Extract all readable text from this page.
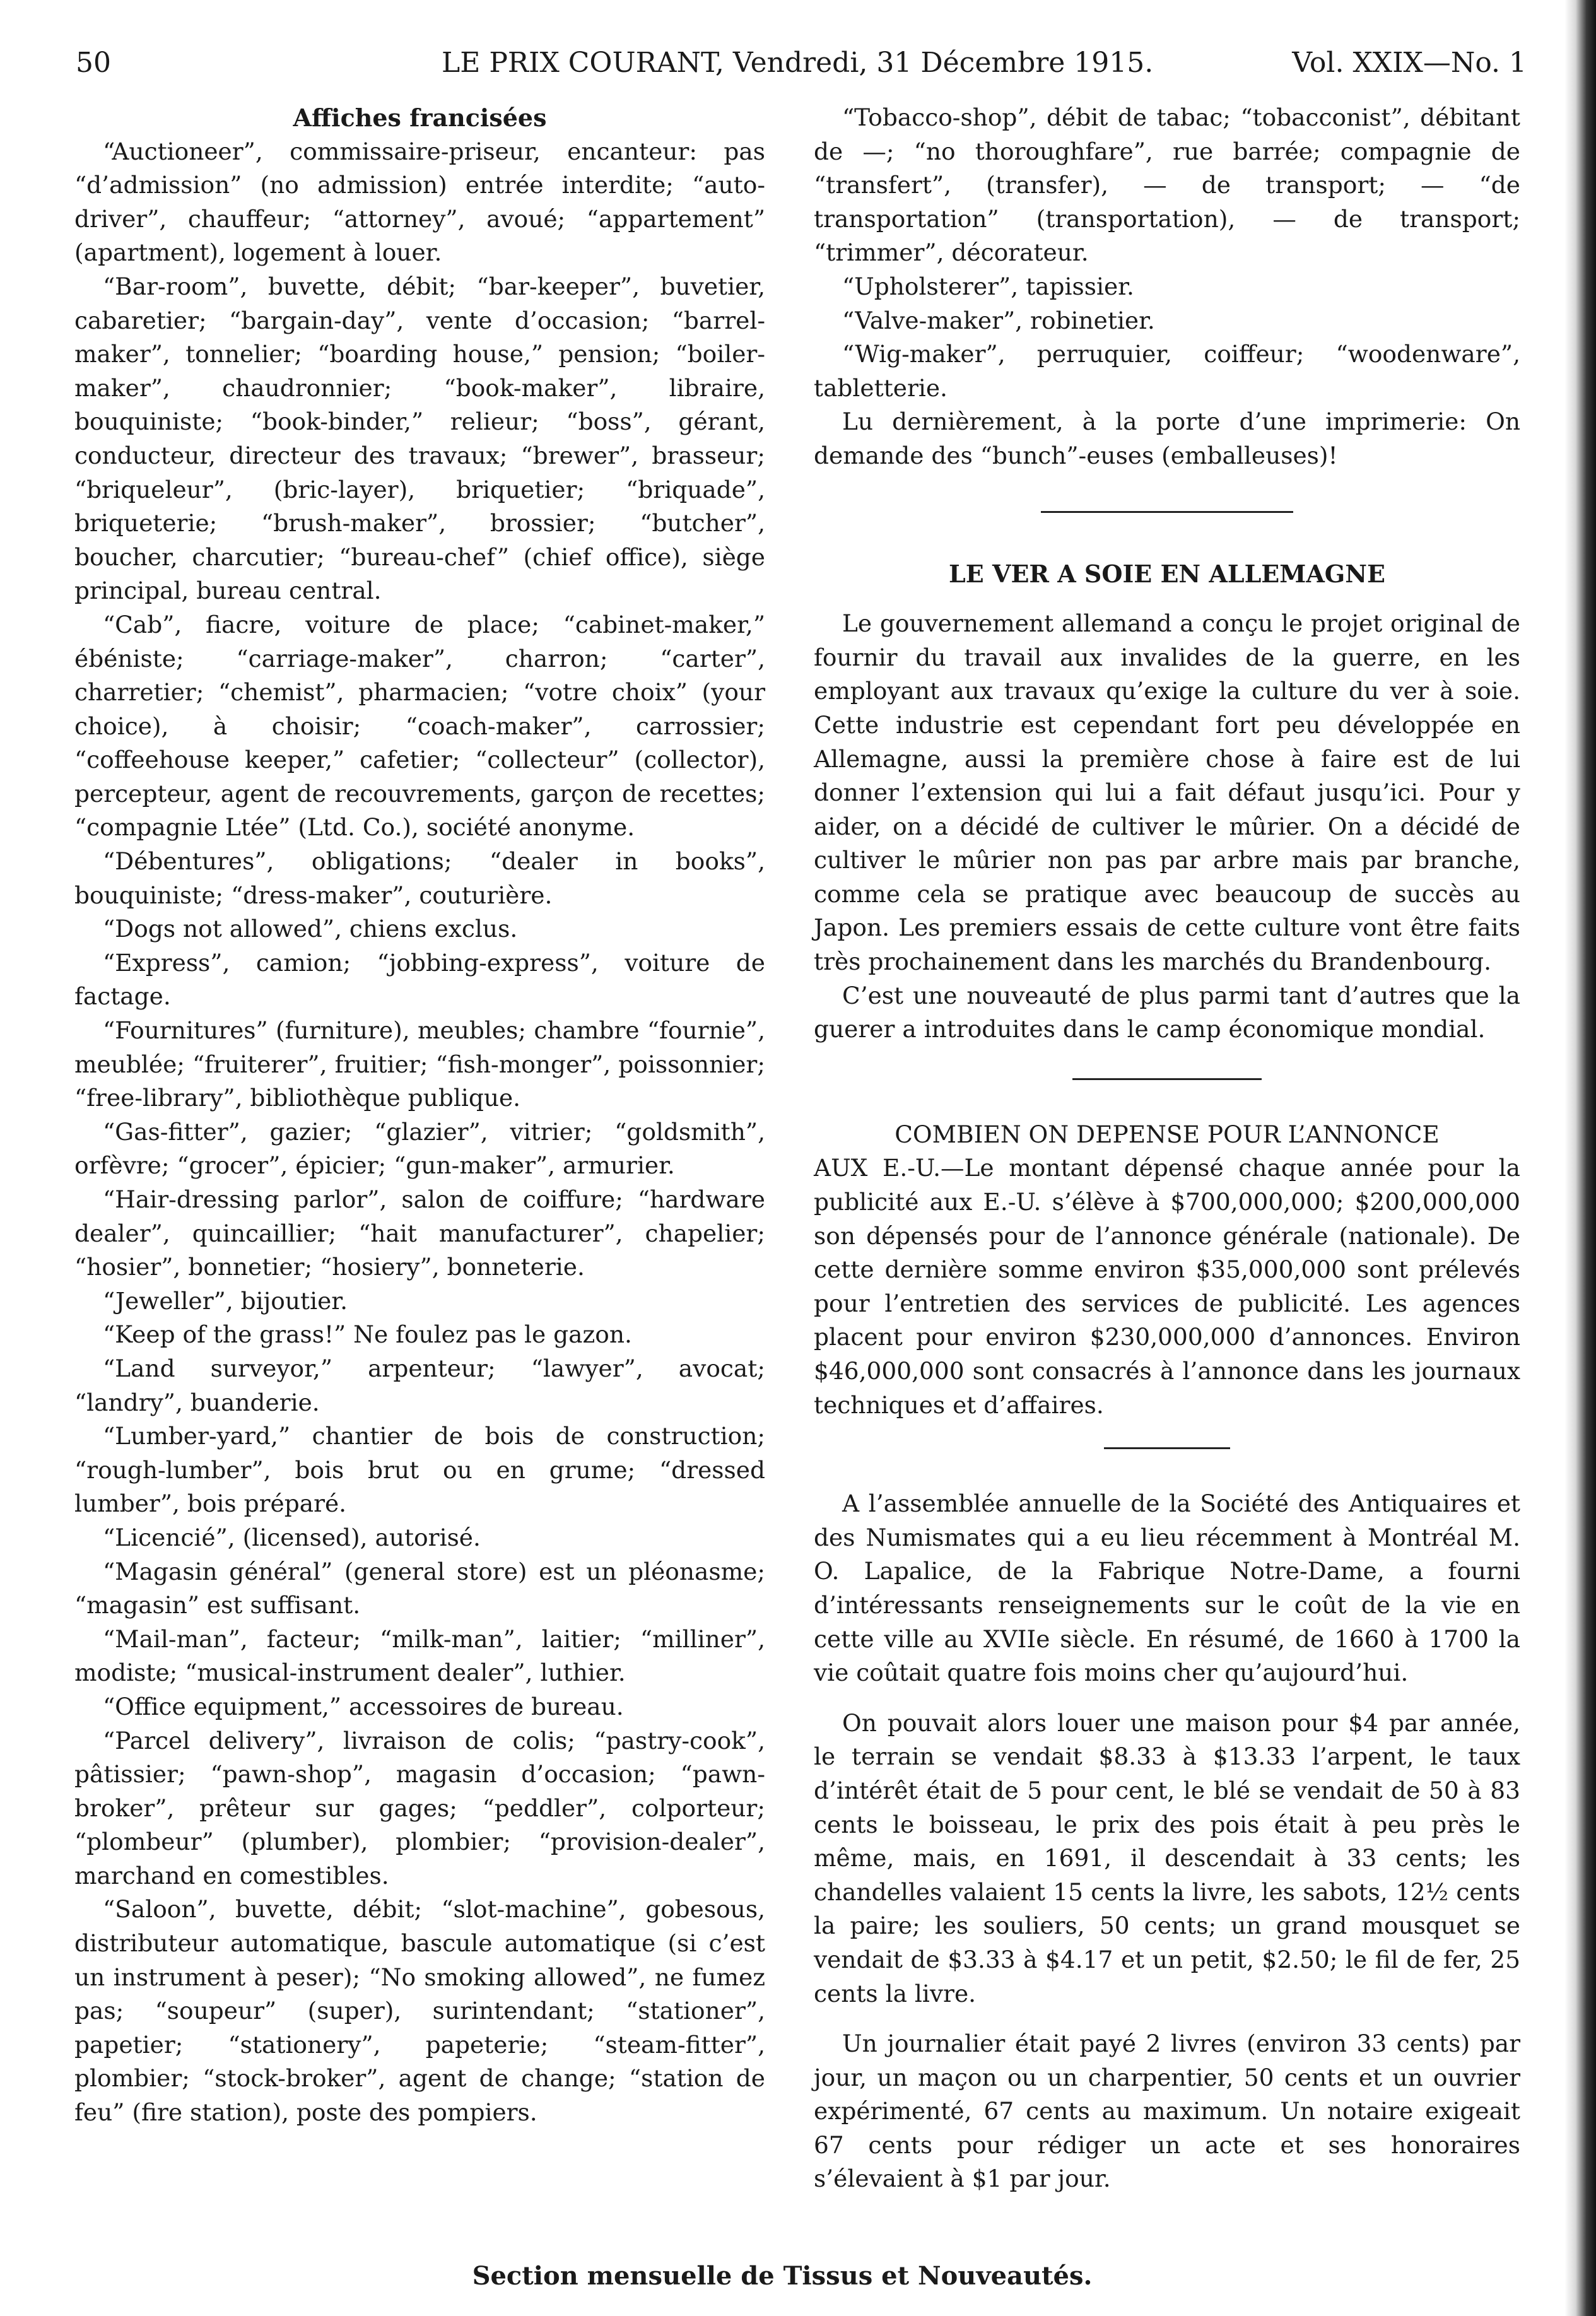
50	LE PRIX COURANT, Vendredi, 31 Décembre 1915.	Vol. XXIX—No. 1

Affiches francisées

“Auctioneer”, commissaire-priseur, encanteur: pas “d’admission” (no admission) entrée interdite; “auto-driver”, chauffeur; “attorney”, avoué; “appartement” (apartment), logement à louer.

“Bar-room”, buvette, débit; “bar-keeper”, buvetier, cabaretier; “bargain-day”, vente d’occasion; “barrel-maker”, tonnelier; “boarding house,” pension; “boiler-maker”, chaudronnier; “book-maker”, libraire, bouquiniste; “book-binder,” relieur; “boss”, gérant, conducteur, directeur des travaux; “brewer”, brasseur; “briqueleur”, (bric-layer), briquetier; “briquade”, briqueterie; “brush-maker”, brossier; “butcher”, boucher, charcutier; “bureau-chef” (chief office), siège principal, bureau central.

“Cab”, fiacre, voiture de place; “cabinet-maker,” ébéniste; “carriage-maker”, charron; “carter”, charretier; “chemist”, pharmacien; “votre choix” (your choice), à choisir; “coach-maker”, carrossier; “coffeehouse keeper,” cafetier; “collecteur” (collector), percepteur, agent de recouvrements, garçon de recettes; “compagnie Ltée” (Ltd. Co.), société anonyme.

“Débentures”, obligations; “dealer in books”, bouquiniste; “dress-maker”, couturière.

“Dogs not allowed”, chiens exclus.

“Express”, camion; “jobbing-express”, voiture de factage.

“Fournitures” (furniture), meubles; chambre “fournie”, meublée; “fruiterer”, fruitier; “fish-monger”, poissonnier; “free-library”, bibliothèque publique.

“Gas-fitter”, gazier; “glazier”, vitrier; “goldsmith”, orfèvre; “grocer”, épicier; “gun-maker”, armurier.

“Hair-dressing parlor”, salon de coiffure; “hardware dealer”, quincaillier; “hait manufacturer”, chapelier; “hosier”, bonnetier; “hosiery”, bonneterie.

“Jeweller”, bijoutier.

“Keep of the grass!” Ne foulez pas le gazon.

“Land surveyor,” arpenteur; “lawyer”, avocat; “landry”, buanderie.

“Lumber-yard,” chantier de bois de construction; “rough-lumber”, bois brut ou en grume; “dressed lumber”, bois préparé.

“Licencié”, (licensed), autorisé.

“Magasin général” (general store) est un pléonasme; “magasin” est suffisant.

“Mail-man”, facteur; “milk-man”, laitier; “milliner”, modiste; “musical-instrument dealer”, luthier.

“Office equipment,” accessoires de bureau.

“Parcel delivery”, livraison de colis; “pastry-cook”, pâtissier; “pawn-shop”, magasin d’occasion; “pawn-broker”, prêteur sur gages; “peddler”, colporteur; “plombeur” (plumber), plombier; “provision-dealer”, marchand en comestibles.

“Saloon”, buvette, débit; “slot-machine”, gobesous, distributeur automatique, bascule automatique (si c’est un instrument à peser); “No smoking allowed”, ne fumez pas; “soupeur” (super), surintendant; “stationer”, papetier; “stationery”, papeterie; “steam-fitter”, plombier; “stock-broker”, agent de change; “station de feu” (fire station), poste des pompiers.

“Tobacco-shop”, débit de tabac; “tobacconist”, débitant de —; “no thoroughfare”, rue barrée; compagnie de “transfert”, (transfer), — de transport; — “de transportation” (transportation), — de transport; “trimmer”, décorateur.

“Upholsterer”, tapissier.

“Valve-maker”, robinetier.

“Wig-maker”, perruquier, coiffeur; “woodenware”, tabletterie.

Lu dernièrement, à la porte d’une imprimerie: On demande des “bunch”-euses (emballeuses)!

LE VER A SOIE EN ALLEMAGNE

Le gouvernement allemand a conçu le projet original de fournir du travail aux invalides de la guerre, en les employant aux travaux qu’exige la culture du ver à soie. Cette industrie est cependant fort peu développée en Allemagne, aussi la première chose à faire est de lui donner l’extension qui lui a fait défaut jusqu’ici. Pour y aider, on a décidé de cultiver le mûrier. On a décidé de cultiver le mûrier non pas par arbre mais par branche, comme cela se pratique avec beaucoup de succès au Japon. Les premiers essais de cette culture vont être faits très prochainement dans les marchés du Brandenbourg.

C’est une nouveauté de plus parmi tant d’autres que la guerer a introduites dans le camp économique mondial.

COMBIEN ON DEPENSE POUR L’ANNONCE

AUX E.-U.—Le montant dépensé chaque année pour la publicité aux E.-U. s’élève à $700,000,000; $200,000,000 son dépensés pour de l’annonce générale (nationale). De cette dernière somme environ $35,000,000 sont prélevés pour l’entretien des services de publicité. Les agences placent pour environ $230,000,000 d’annonces. Environ $46,000,000 sont consacrés à l’annonce dans les journaux techniques et d’affaires.

A l’assemblée annuelle de la Société des Antiquaires et des Numismates qui a eu lieu récemment à Montréal M. O. Lapalice, de la Fabrique Notre-Dame, a fourni d’intéressants renseignements sur le coût de la vie en cette ville au XVIIe siècle. En résumé, de 1660 à 1700 la vie coûtait quatre fois moins cher qu’aujourd’hui.

On pouvait alors louer une maison pour $4 par année, le terrain se vendait $8.33 à $13.33 l’arpent, le taux d’intérêt était de 5 pour cent, le blé se vendait de 50 à 83 cents le boisseau, le prix des pois était à peu près le même, mais, en 1691, il descendait à 33 cents; les chandelles valaient 15 cents la livre, les sabots, 12½ cents la paire; les souliers, 50 cents; un grand mousquet se vendait de $3.33 à $4.17 et un petit, $2.50; le fil de fer, 25 cents la livre.

Un journalier était payé 2 livres (environ 33 cents) par jour, un maçon ou un charpentier, 50 cents et un ouvrier expérimenté, 67 cents au maximum. Un notaire exigeait 67 cents pour rédiger un acte et ses honoraires s’élevaient à $1 par jour.

Section mensuelle de Tissus et Nouveautés.
